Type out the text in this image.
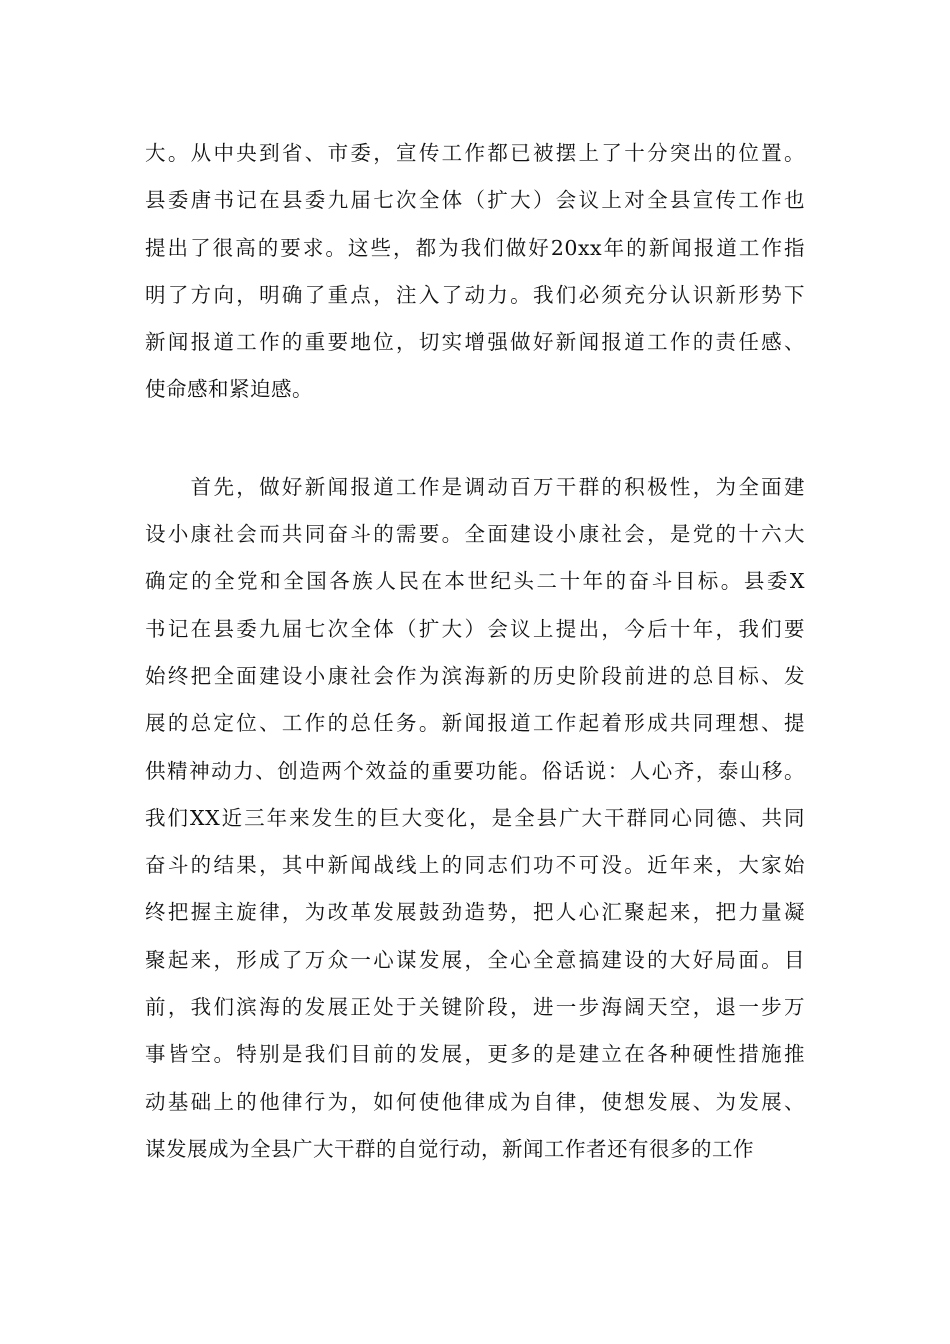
大。从中央到省、市委，宣传工作都已被摆上了十分突出的位置。
县委唐书记在县委九届七次全体（扩大）会议上对全县宣传工作也
提出了很高的要求。这些，都为我们做好20xx年的新闻报道工作指
明了方向，明确了重点，注入了动力。我们必须充分认识新形势下
新闻报道工作的重要地位，切实增强做好新闻报道工作的责任感、
使命感和紧迫感。

　　首先，做好新闻报道工作是调动百万干群的积极性，为全面建
设小康社会而共同奋斗的需要。全面建设小康社会，是党的十六大
确定的全党和全国各族人民在本世纪头二十年的奋斗目标。县委X
书记在县委九届七次全体（扩大）会议上提出，今后十年，我们要
始终把全面建设小康社会作为滨海新的历史阶段前进的总目标、发
展的总定位、工作的总任务。新闻报道工作起着形成共同理想、提
供精神动力、创造两个效益的重要功能。俗话说：人心齐，泰山移。
我们XX近三年来发生的巨大变化，是全县广大干群同心同德、共同
奋斗的结果，其中新闻战线上的同志们功不可没。近年来，大家始
终把握主旋律，为改革发展鼓劲造势，把人心汇聚起来，把力量凝
聚起来，形成了万众一心谋发展，全心全意搞建设的大好局面。目
前，我们滨海的发展正处于关键阶段，进一步海阔天空，退一步万
事皆空。特别是我们目前的发展，更多的是建立在各种硬性措施推
动基础上的他律行为，如何使他律成为自律，使想发展、为发展、
谋发展成为全县广大干群的自觉行动，新闻工作者还有很多的工作
